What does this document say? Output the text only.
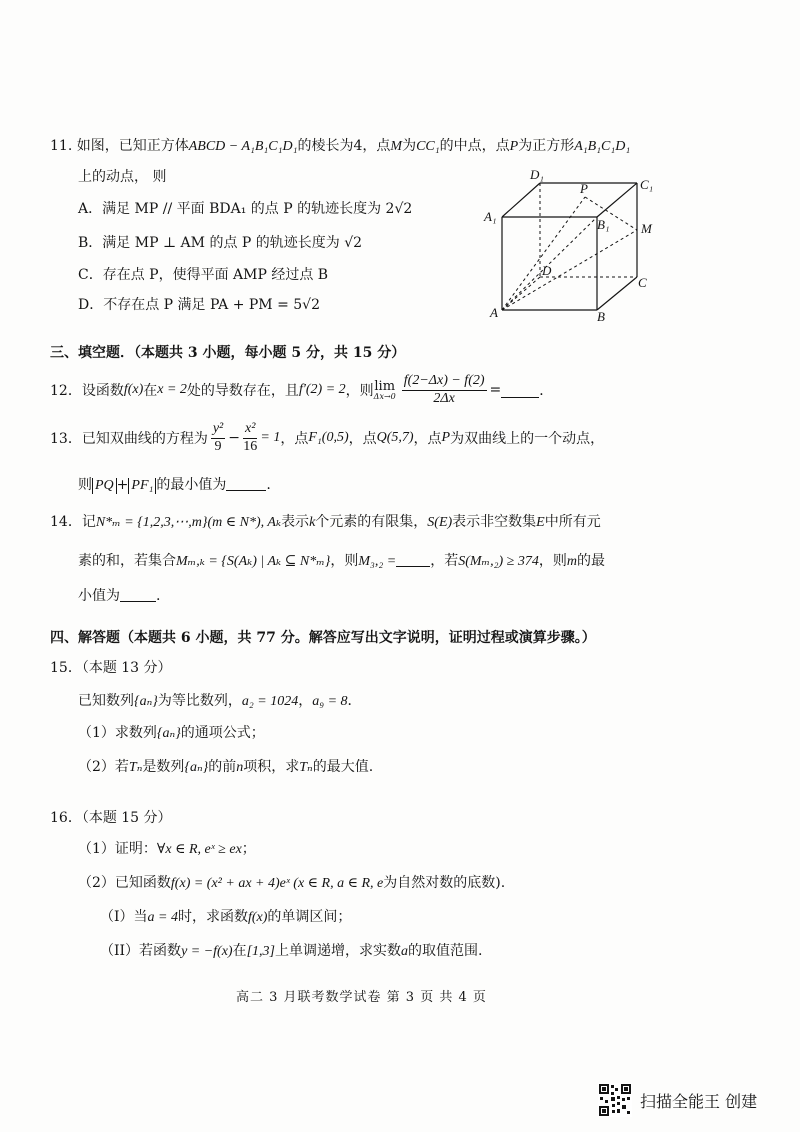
11. 如图，已知正方体ABCD − A₁B₁C₁D₁的棱长为4，点M为CC₁的中点，点P为正方形A₁B₁C₁D₁
上的动点， 则
A．满足 MP // 平面 BDA₁ 的点 P 的轨迹长度为 2√2
B．满足 MP ⊥ AM 的点 P 的轨迹长度为 √2
C．存在点 P，使得平面 AMP 经过点 B
D．不存在点 P 满足 PA + PM = 5√2
D₁
C₁
A₁
B₁
P
M
D
C
A	B
三、填空题．（本题共 3 小题，每小题 5 分，共 15 分）
12．设函数 f(x) 在 x = 2 处的导数存在，且 f′(2) = 2 ，则 lim
$\Delta x\to 0 \frac{f(2-\Delta x) - f(2)}{2\Delta x}$ =	．
13．已知双曲线的方程为 $\frac{\text{y²}}{9} - \frac{\text{x²}}{16} = 1$ ，点 F₁(0,5) ，点 Q(5,7) ，点 P 为双曲线上的一个动点，
则 PQ + PF₁ 的最小值为	.
14．记N*ₘ = {1,2,3,⋯,m}(m ∈ N*), Aₖ表示k个元素的有限集，S(E)表示非空数集E中所有元
素的和，若集合Mₘ,ₖ = {S(Aₖ) | Aₖ ⊆ N*ₘ}，则M₃,₂ = ，若S(Mₘ,₂) ≥ 374，则m的最
小值为	.
四、解答题（本题共 6 小题，共 77 分。解答应写出文字说明，证明过程或演算步骤。）
15．（本题 13 分）
已知数列{aₙ}为等比数列，a₂ = 1024，a₉ = 8．
（1）求数列{aₙ}的通项公式；
（2）若Tₙ是数列{aₙ}的前n项积，求Tₙ的最大值.
16．（本题 15 分）
（1）证明：∀x ∈ R, eˣ ≥ ex；
（2）已知函数f(x) = (x² + ax + 4)eˣ (x ∈ R, a ∈ R, e为自然对数的底数).
（I）当a = 4时，求函数f(x)的单调区间；
（II）若函数y = −f(x)在[1,3]上单调递增，求实数a的取值范围.
高二 3 月联考数学试卷 第 3 页 共 4 页
扫描全能王 创建
